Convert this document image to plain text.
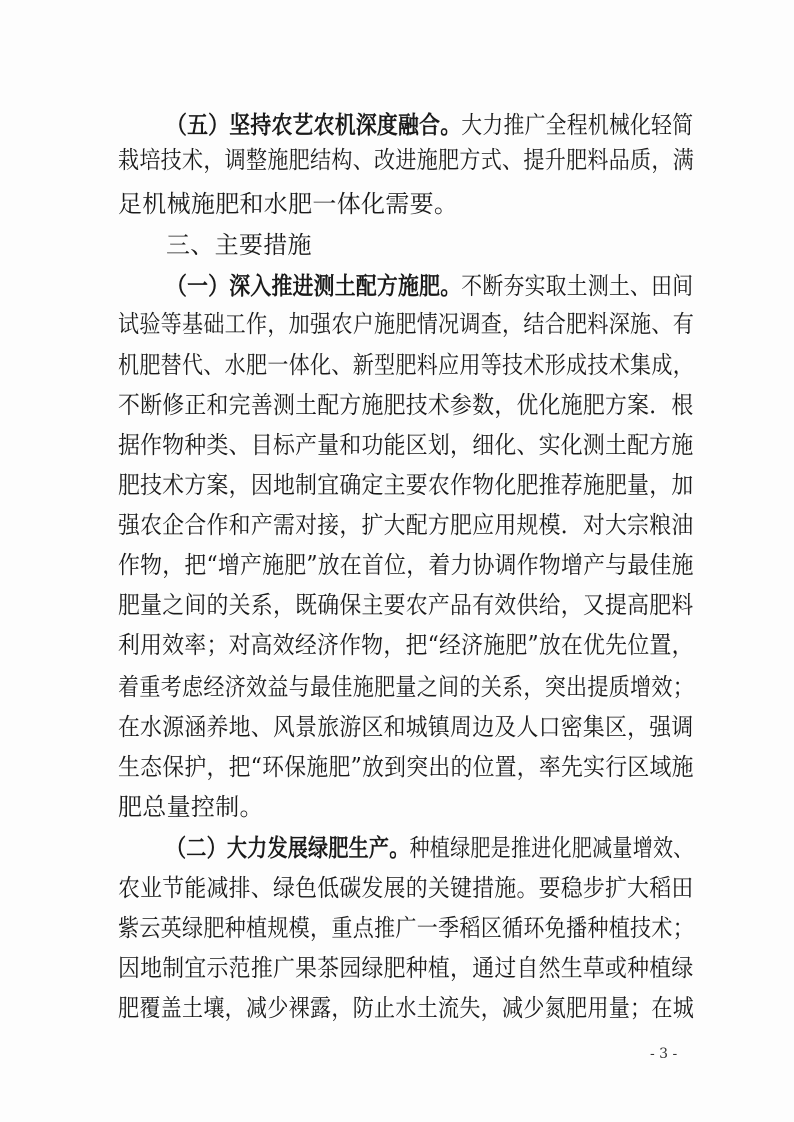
（五）坚持农艺农机深度融合。大力推广全程机械化轻简
栽培技术，调整施肥结构、改进施肥方式、提升肥料品质，满
足机械施肥和水肥一体化需要。
三、主要措施
（一）深入推进测土配方施肥。不断夯实取土测土、田间
试验等基础工作，加强农户施肥情况调查，结合肥料深施、有
机肥替代、水肥一体化、新型肥料应用等技术形成技术集成，
不断修正和完善测土配方施肥技术参数，优化施肥方案．根
据作物种类、目标产量和功能区划，细化、实化测土配方施
肥技术方案，因地制宜确定主要农作物化肥推荐施肥量，加
强农企合作和产需对接，扩大配方肥应用规模．对大宗粮油
作物，把“增产施肥”放在首位，着力协调作物增产与最佳施
肥量之间的关系，既确保主要农产品有效供给，又提高肥料
利用效率；对高效经济作物，把“经济施肥”放在优先位置，
着重考虑经济效益与最佳施肥量之间的关系，突出提质增效；
在水源涵养地、风景旅游区和城镇周边及人口密集区，强调
生态保护，把“环保施肥”放到突出的位置，率先实行区域施
肥总量控制。
（二）大力发展绿肥生产。种植绿肥是推进化肥减量增效、
农业节能减排、绿色低碳发展的关键措施。要稳步扩大稻田
紫云英绿肥种植规模，重点推广一季稻区循环免播种植技术；
因地制宜示范推广果茶园绿肥种植，通过自然生草或种植绿
肥覆盖土壤，减少裸露，防止水土流失，减少氮肥用量；在城
- 3 -
